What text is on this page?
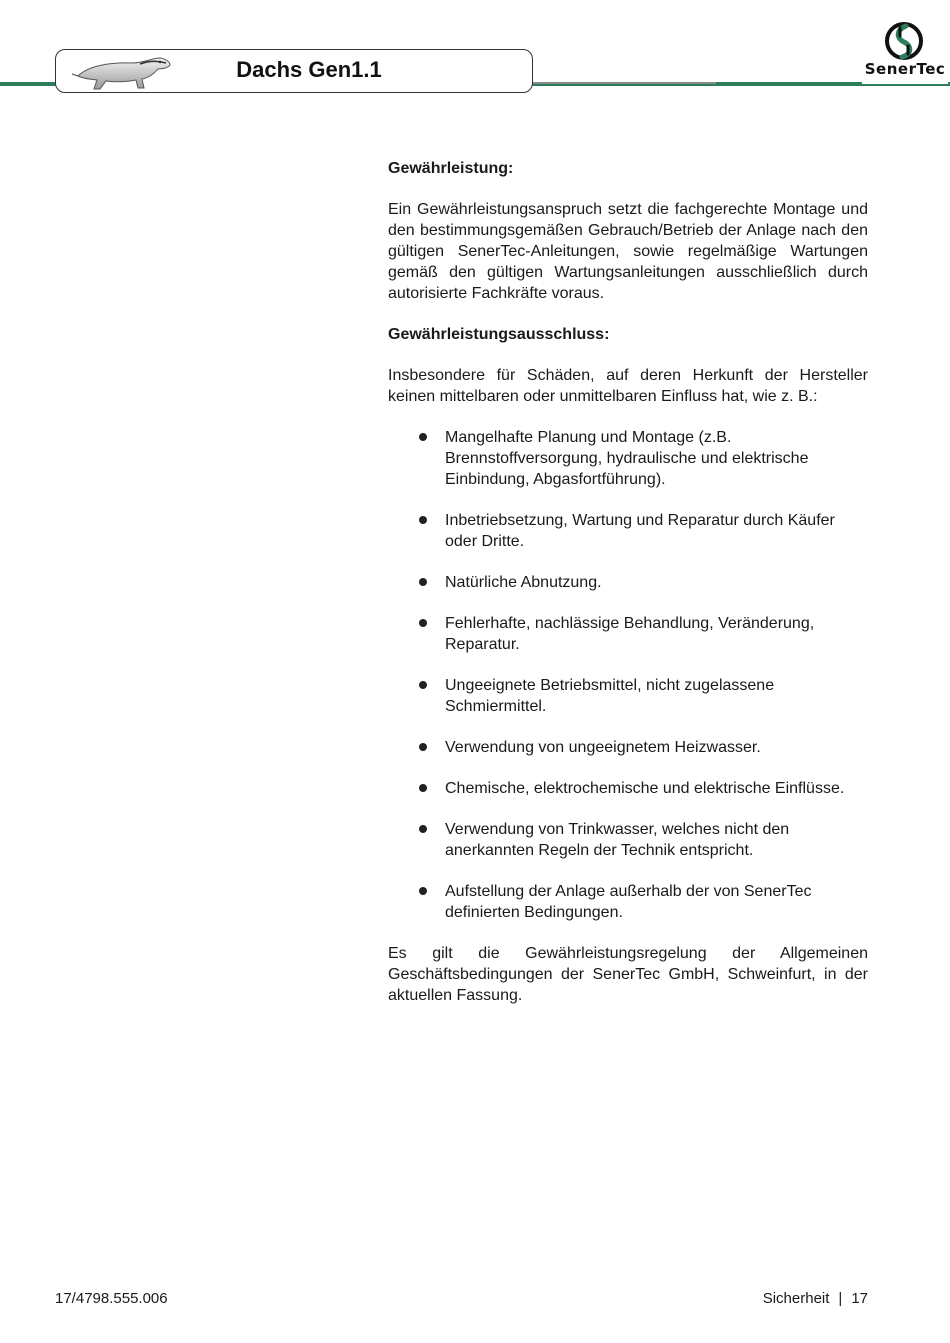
Dachs Gen1.1	SenerTec

Gewährleistung:

Ein Gewährleistungsanspruch setzt die fachgerechte Montage und den bestimmungsgemäßen Gebrauch/Betrieb der Anlage nach den gültigen SenerTec-Anleitungen, sowie regelmäßige Wartungen gemäß den gültigen Wartungsanleitungen ausschließlich durch autorisierte Fachkräfte voraus.

Gewährleistungsausschluss:

Insbesondere für Schäden, auf deren Herkunft der Hersteller keinen mittelbaren oder unmittelbaren Einfluss hat, wie z. B.:

Mangelhafte Planung und Montage (z.B. Brennstoffversorgung, hydraulische und elektrische Einbindung, Abgasfortführung).
Inbetriebsetzung, Wartung und Reparatur durch Käufer oder Dritte.
Natürliche Abnutzung.
Fehlerhafte, nachlässige Behandlung, Veränderung, Reparatur.
Ungeeignete Betriebsmittel, nicht zugelassene Schmiermittel.
Verwendung von ungeeignetem Heizwasser.
Chemische, elektrochemische und elektrische Einflüsse.
Verwendung von Trinkwasser, welches nicht den anerkannten Regeln der Technik entspricht.
Aufstellung der Anlage außerhalb der von SenerTec definierten Bedingungen.

Es gilt die Gewährleistungsregelung der Allgemeinen Geschäftsbedingungen der SenerTec GmbH, Schweinfurt, in der aktuellen Fassung.

17/4798.555.006	Sicherheit | 17
